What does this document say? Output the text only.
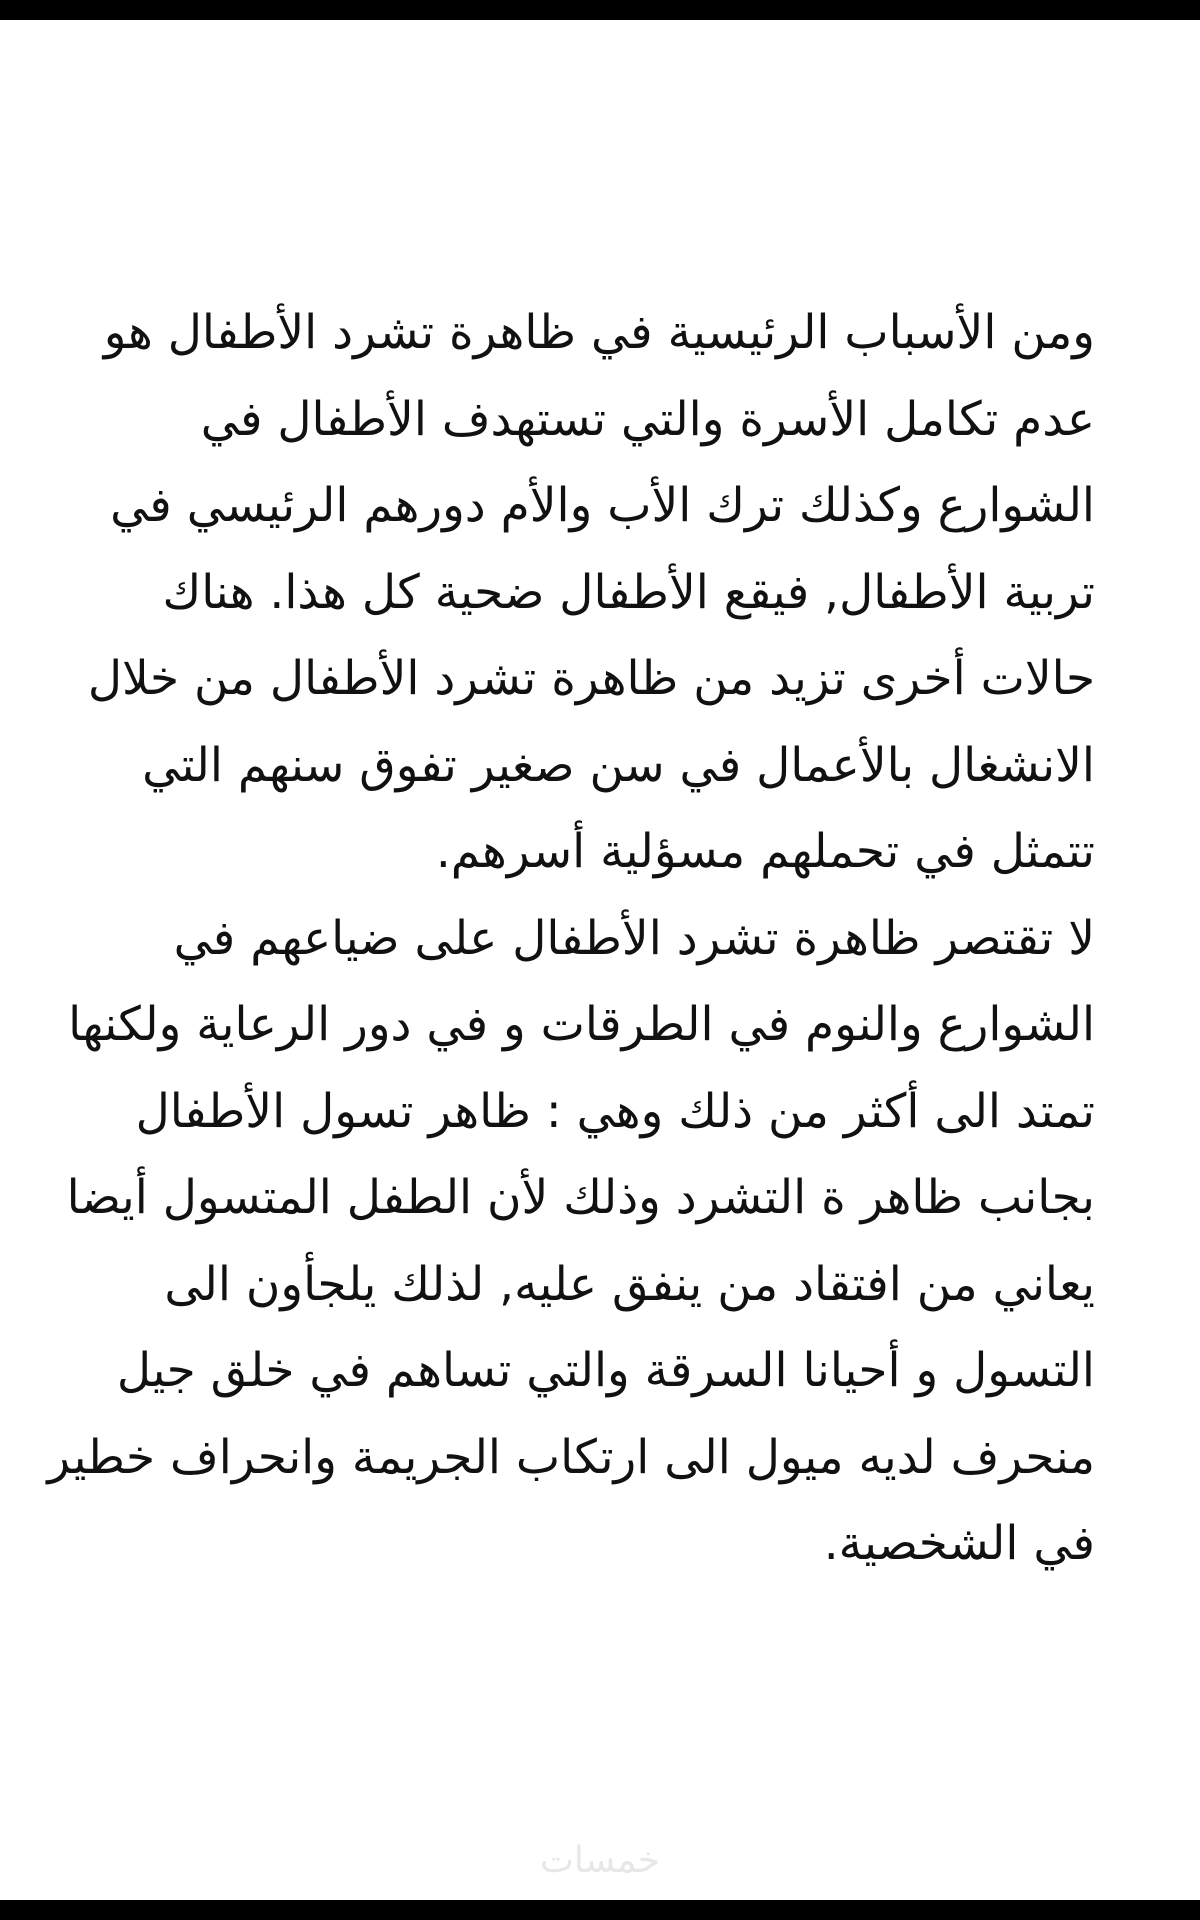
ومن الأسباب الرئيسية في ظاهرة تشرد الأطفال هو
عدم تكامل الأسرة والتي تستهدف الأطفال في
الشوارع وكذلك ترك الأب والأم دورهم الرئيسي في
تربية الأطفال, فيقع الأطفال ضحية كل هذا. هناك
حالات أخرى تزيد من ظاهرة تشرد الأطفال من خلال
الانشغال بالأعمال في سن صغير تفوق سنهم التي
تتمثل في تحملهم مسؤلية أسرهم.
لا تقتصر ظاهرة تشرد الأطفال على ضياعهم في
الشوارع والنوم في الطرقات و في دور الرعاية ولكنها
تمتد الى أكثر من ذلك وهي : ظاهر تسول الأطفال
بجانب ظاهر ة التشرد وذلك لأن الطفل المتسول أيضا
يعاني من افتقاد من ينفق عليه, لذلك يلجأون الى
التسول و أحيانا السرقة والتي تساهم في خلق جيل
منحرف لديه ميول الى ارتكاب الجريمة وانحراف خطير
في الشخصية.
خمسات
